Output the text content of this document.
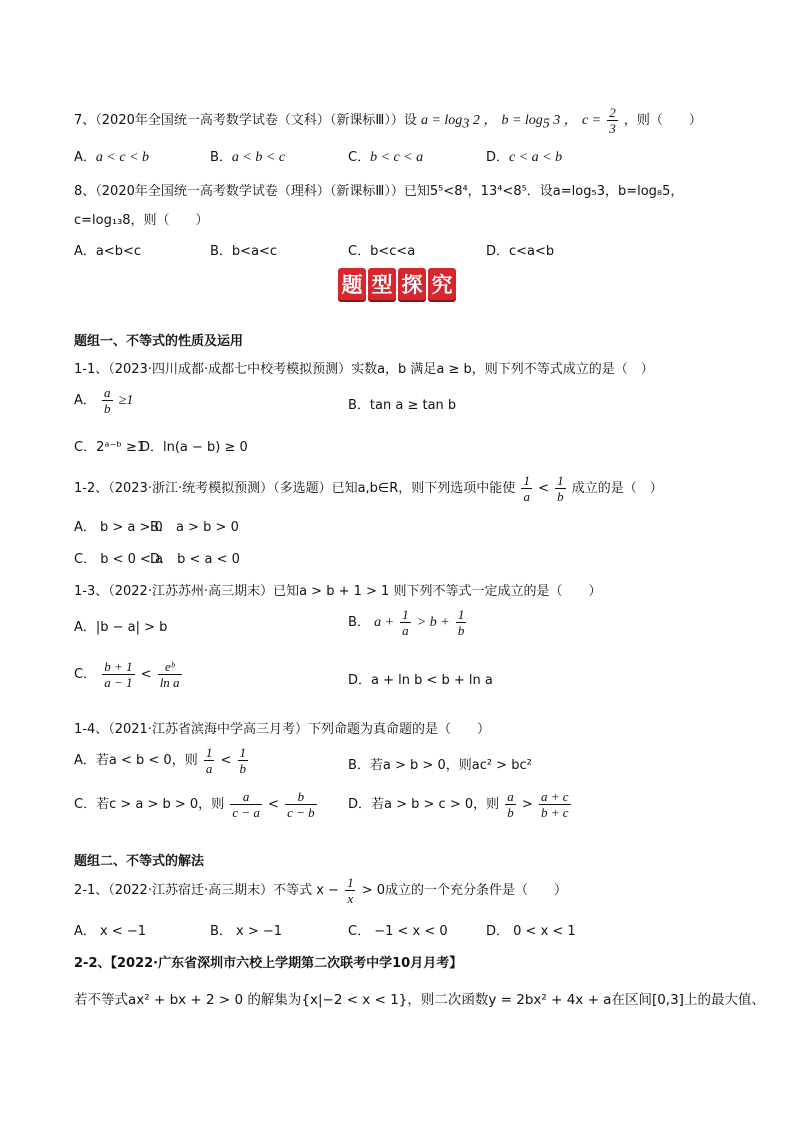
7、（2020年全国统一高考数学试卷（文科）（新课标Ⅲ））设 $a = \log_3 2$ ， $b = \log_5 3$ ， $c = \frac{2}{3}$ ，则（　　）
A．a < c < b	B．a < b < c	C．b < c < a	D．c < a < b
8、（2020年全国统一高考数学试卷（理科）（新课标Ⅲ））已知5⁵<8⁴，13⁴<8⁵．设a=log₅3，b=log₈5，
c=log₁₃8，则（　　）
A．a<b<c	B．b<a<c	C．b<c<a	D．c<a<b
题 型 探 究
题组一、不等式的性质及运用
1-1、（2023·四川成都·成都七中校考模拟预测）实数a，b 满足a ≥ b，则下列不等式成立的是（　）
A． $\frac{a}{b} \ge 1$	B．tan a ≥ tan b
C．2ᵃ⁻ᵇ ≥1
D．ln(a − b) ≥ 0
1-2、（2023·浙江·统考模拟预测）（多选题）已知a,b∈R，则下列选项中能使 $\frac{1}{a} < \frac{1}{b}$ 成立的是（　）
A． b > a > 0
B． a > b > 0
C． b < 0 < a
D． b < a < 0
1-3、（2022·江苏苏州·高三期末）已知a > b + 1 > 1 则下列不等式一定成立的是（　　）
A．|b − a| > b	B． $a + \frac{1}{a} > b + \frac{1}{b}$
C． $\frac{b + 1}{a - 1} < \frac{\text{eᵇ}}{\text{ln a}}$	D．a + ln b < b + ln a
1-4、（2021·江苏省滨海中学高三月考）下列命题为真命题的是（　　）
A．若a < b < 0，则 $\frac{1}{a} < \frac{1}{b}$	B．若a > b > 0，则ac² > bc²
C．若c > a > b > 0，则 $\frac{a}{c - a} < \frac{b}{c - b}$ D．若a > b > c > 0，则 $\frac{a}{b} > \frac{a + c}{b + c}$
题组二、不等式的解法
2-1、（2022·江苏宿迁·高三期末）不等式 $x - \frac{1}{x} > 0$成立的一个充分条件是（　　）
A． x < −1	B． x > −1	C． −1 < x < 0	D． 0 < x < 1
2-2、【2022·广东省深圳市六校上学期第二次联考中学10月月考】
若不等式ax² + bx + 2 > 0 的解集为{x|−2 < x < 1}，则二次函数y = 2bx² + 4x + a在区间[0,3]上的最大值、
